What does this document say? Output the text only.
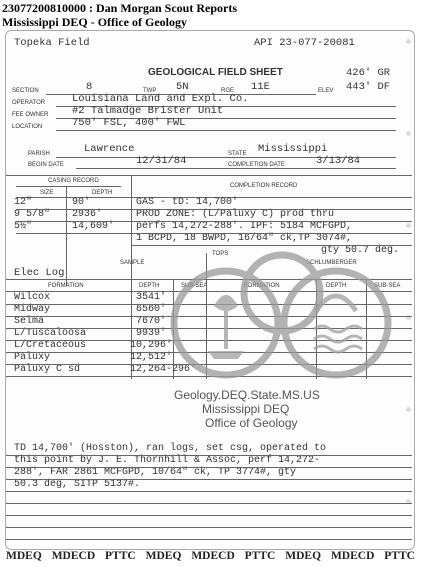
23077200810000 : Dan Morgan Scout Reports
Mississippi DEQ - Office of Geology
Topeka Field	API 23-077-20081
GEOLOGICAL FIELD SHEET	426' GR
443' DF
SECTION	8	TWP 5N	RGE 11E	ELEV
OPERATOR	Louisiana Land and Expl. Co.
FEE OWNER #2 Talmadge Brister Unit
LOCATION	750' FSL, 400' FWL
PARISH	Lawrence	STATE Mississippi
BEGIN DATE	12/31/84	COMPLETION DATE	3/13/84
CASING RECORD
COMPLETION RECORD
SIZE	DEPTH
12"	90'
9 5/8" 2936'
5½"	14,609'
GAS - tD: 14,700'
PROD ZONE: (L/Paluxy C) prod thru
perfs 14,272-288'. IPF: 5184 MCFGPD,
1 BCPD, 18 BWPD, 16/64" ck,TP 3074#,
gty 50.7 deg.
TOPS
SAMPLE	SCHLUMBERGER
Elec Log
FORMATION	DEPTH	SUB-SEA	FORMATION	DEPTH	SUB-SEA
Wilcox	3541'
Midway	6560'
Selma	7670'
L/Tuscaloosa	9939'
L/Cretaceous	10,296'
Paluxy	12,512'
Paluxy C sd	12,264-296'
Geology.DEQ.State.MS.US
Mississippi DEQ
Office of Geology
TD 14,700' (Hosston), ran logs, set csg, operated to
this point by J. E. Thornhill & Assoc, perf 14,272-
288', FAR 2861 MCFGPD, 10/64" ck, TP 3774#, gty
50.3 deg, SITP 5137#.
MDEQ MDECD PTTC MDEQ MDECD PTTC MDEQ MDECD PTTC
